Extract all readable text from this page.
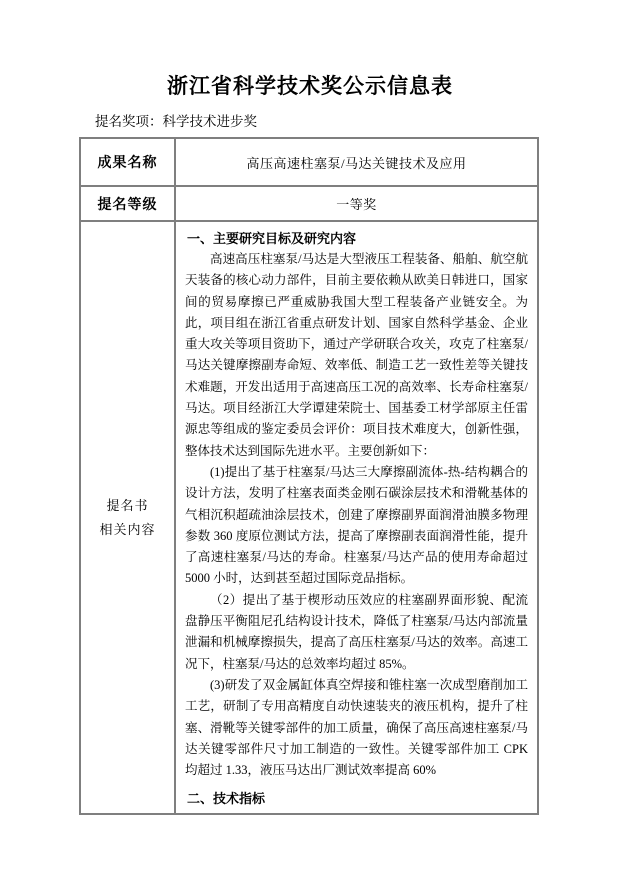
浙江省科学技术奖公示信息表
提名奖项：科学技术进步奖
成果名称	高压高速柱塞泵/马达关键技术及应用
提名等级	一等奖

提名书
相关内容

一、主要研究目标及研究内容

高速高压柱塞泵/马达是大型液压工程装备、船舶、航空航天装备的核心动力部件，目前主要依赖从欧美日韩进口，国家间的贸易摩擦已严重威胁我国大型工程装备产业链安全。为此，项目组在浙江省重点研发计划、国家自然科学基金、企业重大攻关等项目资助下，通过产学研联合攻关，攻克了柱塞泵/马达关键摩擦副寿命短、效率低、制造工艺一致性差等关键技术难题，开发出适用于高速高压工况的高效率、长寿命柱塞泵/马达。项目经浙江大学谭建荣院士、国基委工材学部原主任雷源忠等组成的鉴定委员会评价：项目技术难度大，创新性强，整体技术达到国际先进水平。主要创新如下：

(1)提出了基于柱塞泵/马达三大摩擦副流体-热-结构耦合的设计方法，发明了柱塞表面类金刚石碳涂层技术和滑靴基体的气相沉积超疏油涂层技术，创建了摩擦副界面润滑油膜多物理参数 360 度原位测试方法，提高了摩擦副表面润滑性能，提升了高速柱塞泵/马达的寿命。柱塞泵/马达产品的使用寿命超过 5000 小时，达到甚至超过国际竞品指标。

（2）提出了基于楔形动压效应的柱塞副界面形貌、配流盘静压平衡阻尼孔结构设计技术，降低了柱塞泵/马达内部流量泄漏和机械摩擦损失，提高了高压柱塞泵/马达的效率。高速工况下，柱塞泵/马达的总效率均超过 85%。

(3)研发了双金属缸体真空焊接和锥柱塞一次成型磨削加工工艺，研制了专用高精度自动快速装夹的液压机构，提升了柱塞、滑靴等关键零部件的加工质量，确保了高压高速柱塞泵/马达关键零部件尺寸加工制造的一致性。关键零部件加工 CPK 均超过 1.33，液压马达出厂测试效率提高 60%

二、技术指标
